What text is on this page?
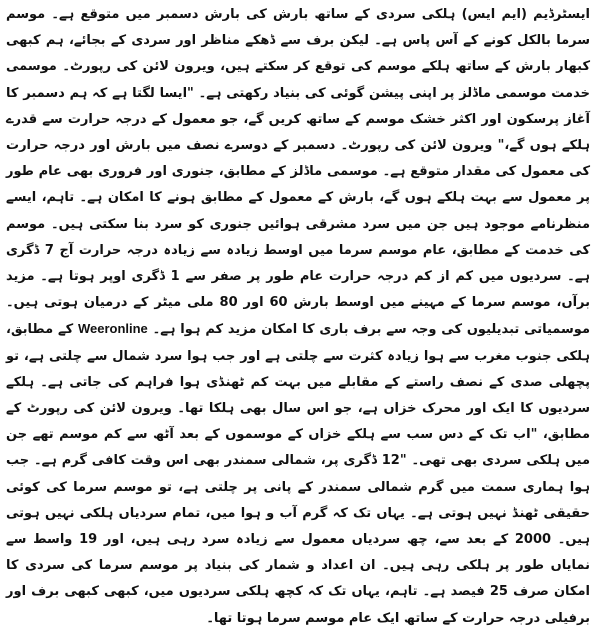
ایسٹرڈیم (ایم ایس) ہلکی سردی کے ساتھ بارش کی بارش دسمبر میں متوقع ہے۔ موسم سرما بالکل کونے کے آس پاس ہے۔ لیکن برف سے ڈھکے مناظر اور سردی کے بجائے، ہم کبھی کبھار بارش کے ساتھ ہلکے موسم کی توقع کر سکتے ہیں، ویرون لائن کی رپورٹ۔ موسمی خدمت موسمی ماڈلز پر اپنی پیشن گوئی کی بنیاد رکھتی ہے۔ "ایسا لگتا ہے کہ ہم دسمبر کا آغاز پرسکون اور اکثر خشک موسم کے ساتھ کریں گے، جو معمول کے درجہ حرارت سے قدرے ہلکے ہوں گے،" ویرون لائن کی رپورٹ۔ دسمبر کے دوسرے نصف میں بارش اور درجہ حرارت کی معمول کی مقدار متوقع ہے۔ موسمی ماڈلز کے مطابق، جنوری اور فروری بھی عام طور پر معمول سے بہت ہلکے ہوں گے، بارش کے معمول کے مطابق ہونے کا امکان ہے۔ تاہم، ایسے منظرنامے موجود ہیں جن میں سرد مشرقی ہوائیں جنوری کو سرد بنا سکتی ہیں۔ موسم کی خدمت کے مطابق، عام موسم سرما میں اوسط زیادہ سے زیادہ درجہ حرارت آج 7 ڈگری ہے۔ سردیوں میں کم از کم درجہ حرارت عام طور پر صفر سے 1 ڈگری اوپر ہوتا ہے۔ مزید برآں، موسم سرما کے مہینے میں اوسط بارش 60 اور 80 ملی میٹر کے درمیان ہوتی ہیں۔ موسمیاتی تبدیلیوں کی وجہ سے برف باری کا امکان مزید کم ہوا ہے۔ Weeronline کے مطابق، ہلکی جنوب مغرب سے ہوا زیادہ کثرت سے چلتی ہے اور جب ہوا سرد شمال سے چلتی ہے، تو پچھلی صدی کے نصف راستے کے مقابلے میں بہت کم ٹھنڈی ہوا فراہم کی جاتی ہے۔ ہلکے سردیوں کا ایک اور محرک خزاں ہے، جو اس سال بھی ہلکا تھا۔ ویرون لائن کی رپورٹ کے مطابق، "اب تک کے دس سب سے ہلکے خزاں کے موسموں کے بعد آٹھ سے کم موسم تھے جن میں ہلکی سردی بھی تھی۔ "12 ڈگری پر، شمالی سمندر بھی اس وقت کافی گرم ہے۔ جب ہوا ہماری سمت میں گرم شمالی سمندر کے پانی پر چلتی ہے، تو موسم سرما کی کوئی حقیقی ٹھنڈ نہیں ہوتی ہے۔ یہاں تک کہ گرم آب و ہوا میں، تمام سردیاں ہلکی نہیں ہوتی ہیں۔ 2000 کے بعد سے، چھ سردیاں معمول سے زیادہ سرد رہی ہیں، اور 19 واسط سے نمایاں طور پر ہلکی رہی ہیں۔ ان اعداد و شمار کی بنیاد پر موسم سرما کی سردی کا امکان صرف 25 فیصد ہے۔ تاہم، یہاں تک کہ کچھ ہلکی سردیوں میں، کبھی کبھی برف اور برفیلی درجہ حرارت کے ساتھ ایک عام موسم سرما ہوتا تھا۔
